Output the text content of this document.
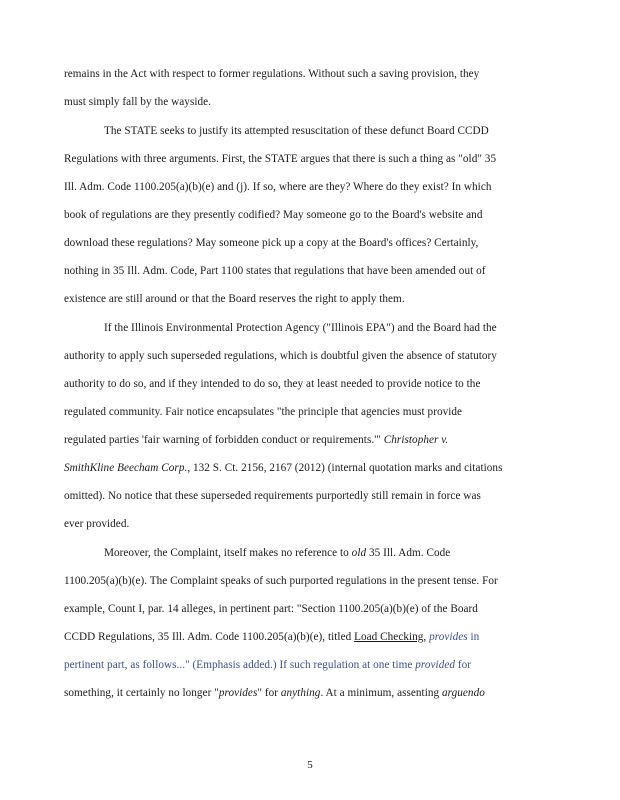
remains in the Act with respect to former regulations. Without such a saving provision, they
must simply fall by the wayside.
The STATE seeks to justify its attempted resuscitation of these defunct Board CCDD
Regulations with three arguments. First, the STATE argues that there is such a thing as "old" 35
Ill. Adm. Code 1100.205(a)(b)(e) and (j). If so, where are they? Where do they exist? In which
book of regulations are they presently codified? May someone go to the Board's website and
download these regulations? May someone pick up a copy at the Board's offices? Certainly,
nothing in 35 Ill. Adm. Code, Part 1100 states that regulations that have been amended out of
existence are still around or that the Board reserves the right to apply them.
If the Illinois Environmental Protection Agency ("Illinois EPA") and the Board had the
authority to apply such superseded regulations, which is doubtful given the absence of statutory
authority to do so, and if they intended to do so, they at least needed to provide notice to the
regulated community. Fair notice encapsulates "the principle that agencies must provide
regulated parties 'fair warning of forbidden conduct or requirements.'" Christopher v.
SmithKline Beecham Corp., 132 S. Ct. 2156, 2167 (2012) (internal quotation marks and citations
omitted). No notice that these superseded requirements purportedly still remain in force was
ever provided.
Moreover, the Complaint, itself makes no reference to old 35 Ill. Adm. Code
1100.205(a)(b)(e). The Complaint speaks of such purported regulations in the present tense. For
example, Count I, par. 14 alleges, in pertinent part: "Section 1100.205(a)(b)(e) of the Board
CCDD Regulations, 35 Ill. Adm. Code 1100.205(a)(b)(e), titled Load Checking, provides in
pertinent part, as follows..." (Emphasis added.) If such regulation at one time provided for
something, it certainly no longer "provides" for anything. At a minimum, assenting arguendo
5
